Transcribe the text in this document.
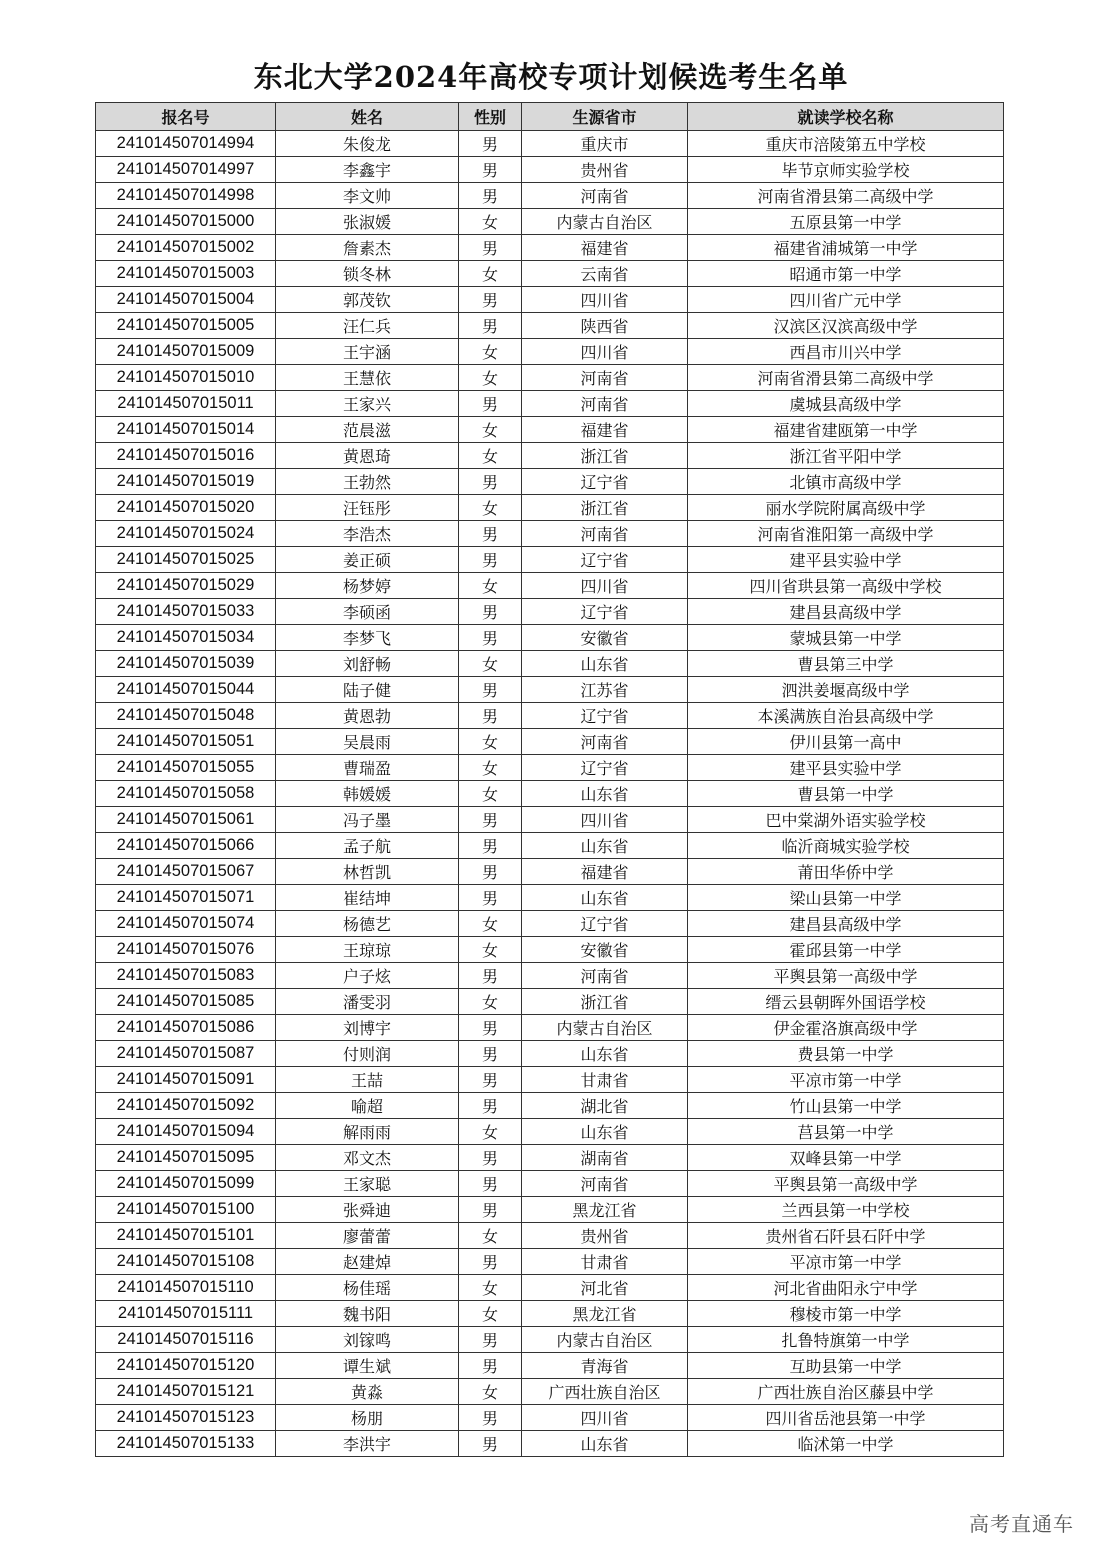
东北大学2024年高校专项计划候选考生名单
报名号	姓名	性别	生源省市	就读学校名称
241014507014994	朱俊龙	男	重庆市	重庆市涪陵第五中学校
241014507014997	李鑫宇	男	贵州省	毕节京师实验学校
241014507014998	李文帅	男	河南省	河南省滑县第二高级中学
241014507015000	张淑媛	女	内蒙古自治区	五原县第一中学
241014507015002	詹素杰	男	福建省	福建省浦城第一中学
241014507015003	锁冬林	女	云南省	昭通市第一中学
241014507015004	郭茂钦	男	四川省	四川省广元中学
241014507015005	汪仁兵	男	陕西省	汉滨区汉滨高级中学
241014507015009	王宇涵	女	四川省	西昌市川兴中学
241014507015010	王慧依	女	河南省	河南省滑县第二高级中学
241014507015011	王家兴	男	河南省	虞城县高级中学
241014507015014	范晨滋	女	福建省	福建省建瓯第一中学
241014507015016	黄恩琦	女	浙江省	浙江省平阳中学
241014507015019	王勃然	男	辽宁省	北镇市高级中学
241014507015020	汪钰彤	女	浙江省	丽水学院附属高级中学
241014507015024	李浩杰	男	河南省	河南省淮阳第一高级中学
241014507015025	姜正硕	男	辽宁省	建平县实验中学
241014507015029	杨梦婷	女	四川省	四川省珙县第一高级中学校
241014507015033	李硕函	男	辽宁省	建昌县高级中学
241014507015034	李梦飞	男	安徽省	蒙城县第一中学
241014507015039	刘舒畅	女	山东省	曹县第三中学
241014507015044	陆子健	男	江苏省	泗洪姜堰高级中学
241014507015048	黄恩勃	男	辽宁省	本溪满族自治县高级中学
241014507015051	吴晨雨	女	河南省	伊川县第一高中
241014507015055	曹瑞盈	女	辽宁省	建平县实验中学
241014507015058	韩媛媛	女	山东省	曹县第一中学
241014507015061	冯子墨	男	四川省	巴中棠湖外语实验学校
241014507015066	孟子航	男	山东省	临沂商城实验学校
241014507015067	林哲凯	男	福建省	莆田华侨中学
241014507015071	崔结坤	男	山东省	梁山县第一中学
241014507015074	杨德艺	女	辽宁省	建昌县高级中学
241014507015076	王琼琼	女	安徽省	霍邱县第一中学
241014507015083	户子炫	男	河南省	平舆县第一高级中学
241014507015085	潘雯羽	女	浙江省	缙云县朝晖外国语学校
241014507015086	刘博宇	男	内蒙古自治区	伊金霍洛旗高级中学
241014507015087	付则润	男	山东省	费县第一中学
241014507015091	王喆	男	甘肃省	平凉市第一中学
241014507015092	喻超	男	湖北省	竹山县第一中学
241014507015094	解雨雨	女	山东省	莒县第一中学
241014507015095	邓文杰	男	湖南省	双峰县第一中学
241014507015099	王家聪	男	河南省	平舆县第一高级中学
241014507015100	张舜迪	男	黑龙江省	兰西县第一中学校
241014507015101	廖蕾蕾	女	贵州省	贵州省石阡县石阡中学
241014507015108	赵建焯	男	甘肃省	平凉市第一中学
241014507015110	杨佳瑶	女	河北省	河北省曲阳永宁中学
241014507015111	魏书阳	女	黑龙江省	穆棱市第一中学
241014507015116	刘镓鸣	男	内蒙古自治区	扎鲁特旗第一中学
241014507015120	谭生斌	男	青海省	互助县第一中学
241014507015121	黄淼	女	广西壮族自治区	广西壮族自治区藤县中学
241014507015123	杨朋	男	四川省	四川省岳池县第一中学
241014507015133	李洪宇	男	山东省	临沭第一中学
高考直通车
